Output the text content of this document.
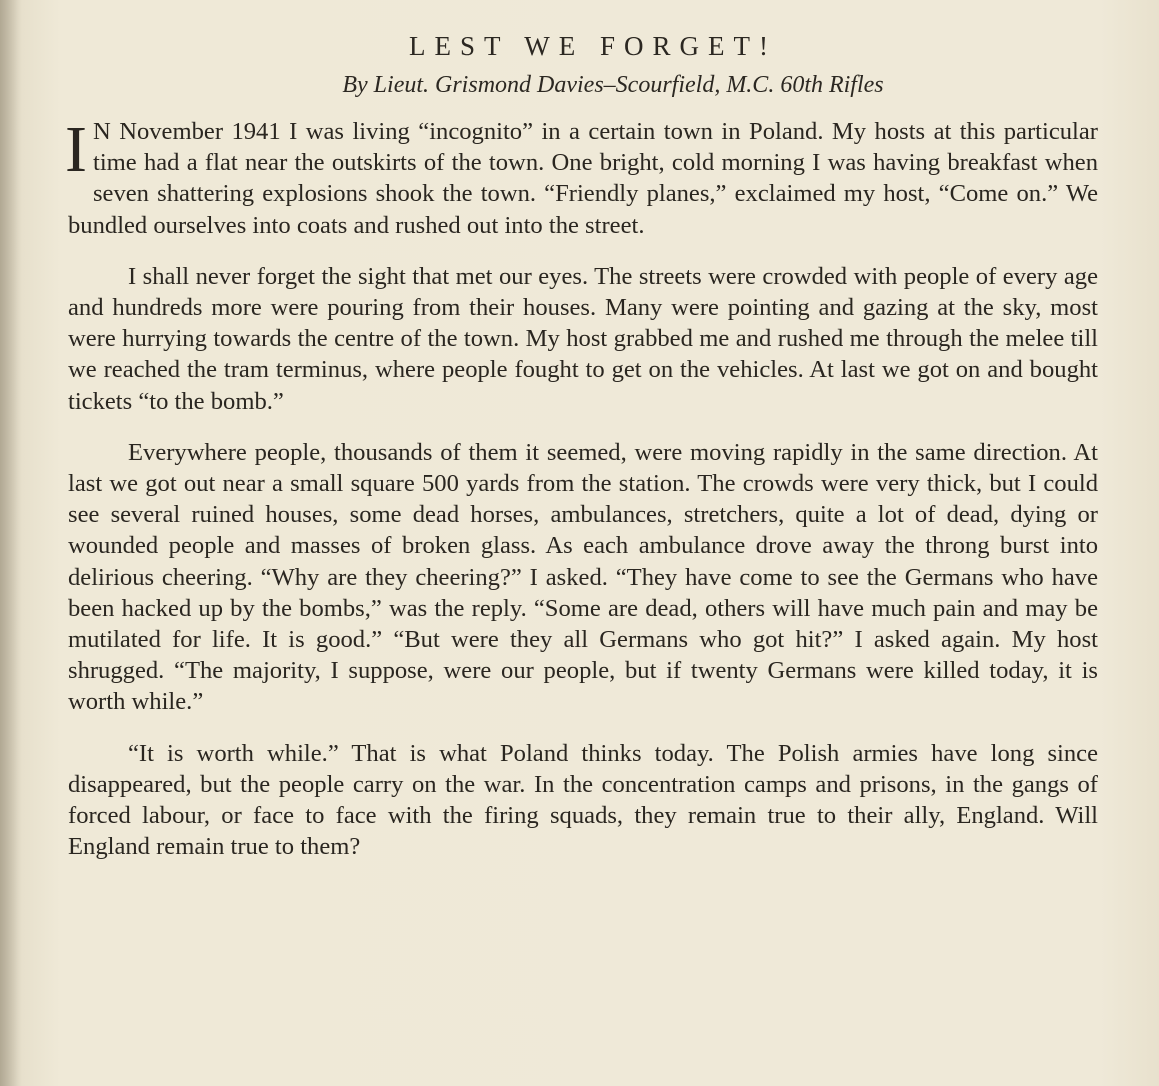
LEST WE FORGET!
By Lieut. Grismond Davies–Scourfield, M.C. 60th Rifles

I N November 1941 I was living “incognito” in a certain town in Poland. My hosts at this particular time had a flat near the outskirts of the town. One bright, cold morning I was having breakfast when seven shattering explosions shook the town. “Friendly planes,” exclaimed my host, “Come on.” We bundled ourselves into coats and rushed out into the street.

I shall never forget the sight that met our eyes. The streets were crowded with people of every age and hundreds more were pouring from their houses. Many were pointing and gazing at the sky, most were hurrying towards the centre of the town. My host grabbed me and rushed me through the melee till we reached the tram terminus, where people fought to get on the vehicles. At last we got on and bought tickets “to the bomb.”

Everywhere people, thousands of them it seemed, were moving rapidly in the same direction. At last we got out near a small square 500 yards from the station. The crowds were very thick, but I could see several ruined houses, some dead horses, ambulances, stretchers, quite a lot of dead, dying or wounded people and masses of broken glass. As each ambulance drove away the throng burst into delirious cheering. “Why are they cheering?” I asked. “They have come to see the Germans who have been hacked up by the bombs,” was the reply. “Some are dead, others will have much pain and may be mutilated for life. It is good.” “But were they all Germans who got hit?” I asked again. My host shrugged. “The majority, I suppose, were our people, but if twenty Germans were killed today, it is worth while.”

“It is worth while.” That is what Poland thinks today. The Polish armies have long since disappeared, but the people carry on the war. In the concentration camps and prisons, in the gangs of forced labour, or face to face with the firing squads, they remain true to their ally, England. Will England remain true to them?
